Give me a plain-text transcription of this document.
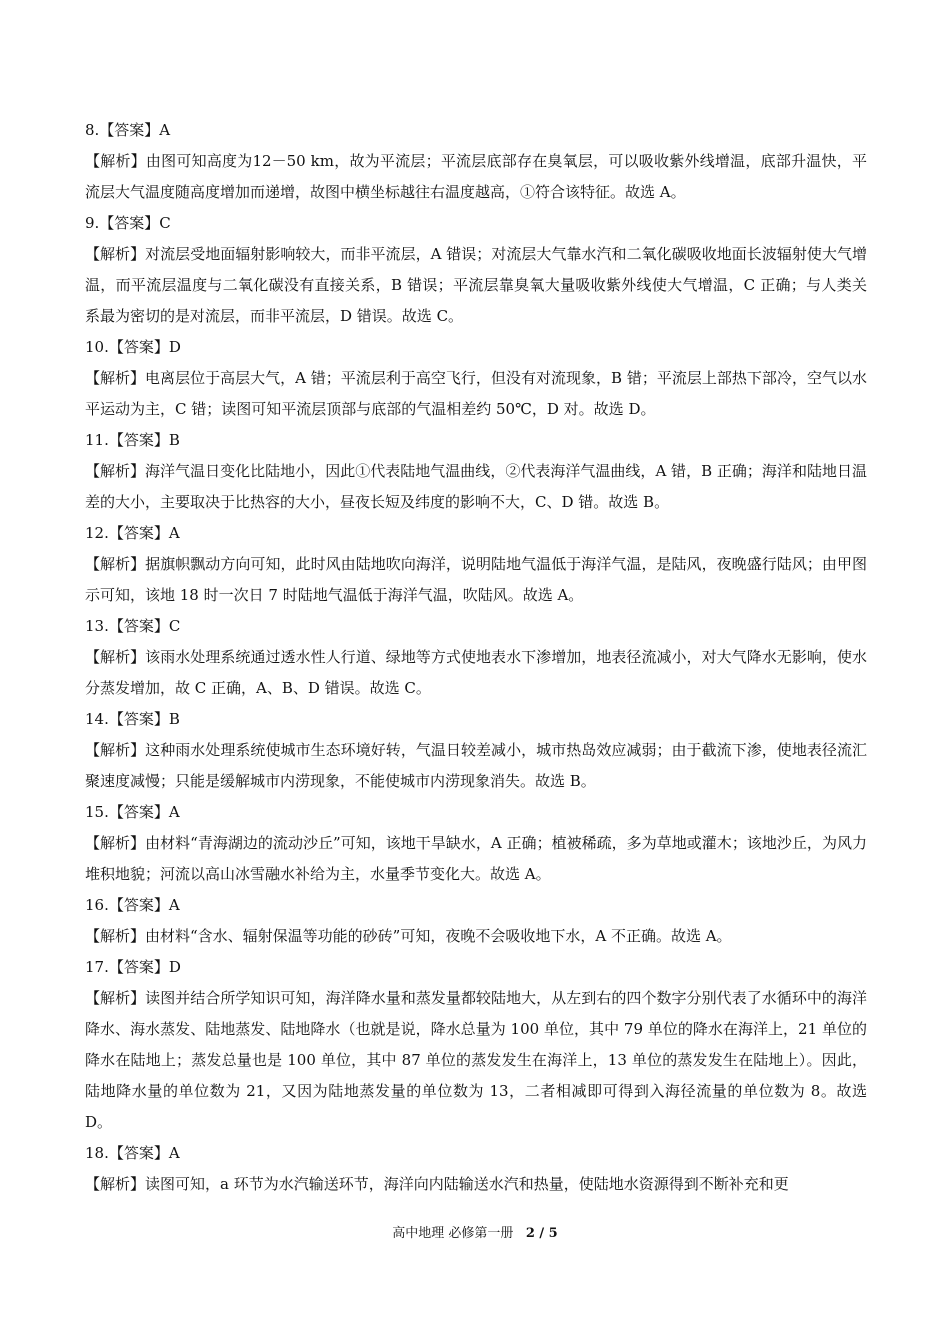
8.【答案】A
【解析】由图可知高度为12－50 km，故为平流层；平流层底部存在臭氧层，可以吸收紫外线增温，底部升温快，平流层大气温度随高度增加而递增，故图中横坐标越往右温度越高，①符合该特征。故选 A。
9.【答案】C
【解析】对流层受地面辐射影响较大，而非平流层，A 错误；对流层大气靠水汽和二氧化碳吸收地面长波辐射使大气增温，而平流层温度与二氧化碳没有直接关系，B 错误；平流层靠臭氧大量吸收紫外线使大气增温，C 正确；与人类关系最为密切的是对流层，而非平流层，D 错误。故选 C。
10.【答案】D
【解析】电离层位于高层大气，A 错；平流层利于高空飞行，但没有对流现象，B 错；平流层上部热下部冷，空气以水平运动为主，C 错；读图可知平流层顶部与底部的气温相差约 50℃，D 对。故选 D。
11.【答案】B
【解析】海洋气温日变化比陆地小，因此①代表陆地气温曲线，②代表海洋气温曲线，A 错，B 正确；海洋和陆地日温差的大小，主要取决于比热容的大小，昼夜长短及纬度的影响不大，C、D 错。故选 B。
12.【答案】A
【解析】据旗帜飘动方向可知，此时风由陆地吹向海洋，说明陆地气温低于海洋气温，是陆风，夜晚盛行陆风；由甲图示可知，该地 18 时一次日 7 时陆地气温低于海洋气温，吹陆风。故选 A。
13.【答案】C
【解析】该雨水处理系统通过透水性人行道、绿地等方式使地表水下渗增加，地表径流减小，对大气降水无影响，使水分蒸发增加，故 C 正确，A、B、D 错误。故选 C。
14.【答案】B
【解析】这种雨水处理系统使城市生态环境好转，气温日较差减小，城市热岛效应减弱；由于截流下渗，使地表径流汇聚速度减慢；只能是缓解城市内涝现象，不能使城市内涝现象消失。故选 B。
15.【答案】A
【解析】由材料“青海湖边的流动沙丘”可知，该地干旱缺水，A 正确；植被稀疏，多为草地或灌木；该地沙丘，为风力堆积地貌；河流以高山冰雪融水补给为主，水量季节变化大。故选 A。
16.【答案】A
【解析】由材料“含水、辐射保温等功能的砂砖”可知，夜晚不会吸收地下水，A 不正确。故选 A。
17.【答案】D
【解析】读图并结合所学知识可知，海洋降水量和蒸发量都较陆地大，从左到右的四个数字分别代表了水循环中的海洋降水、海水蒸发、陆地蒸发、陆地降水（也就是说，降水总量为 100 单位，其中 79 单位的降水在海洋上，21 单位的降水在陆地上；蒸发总量也是 100 单位，其中 87 单位的蒸发发生在海洋上，13 单位的蒸发发生在陆地上）。因此，陆地降水量的单位数为 21，又因为陆地蒸发量的单位数为 13，二者相减即可得到入海径流量的单位数为 8。故选 D。
18.【答案】A
【解析】读图可知，a 环节为水汽输送环节，海洋向内陆输送水汽和热量，使陆地水资源得到不断补充和更
高中地理 必修第一册 2 / 5
